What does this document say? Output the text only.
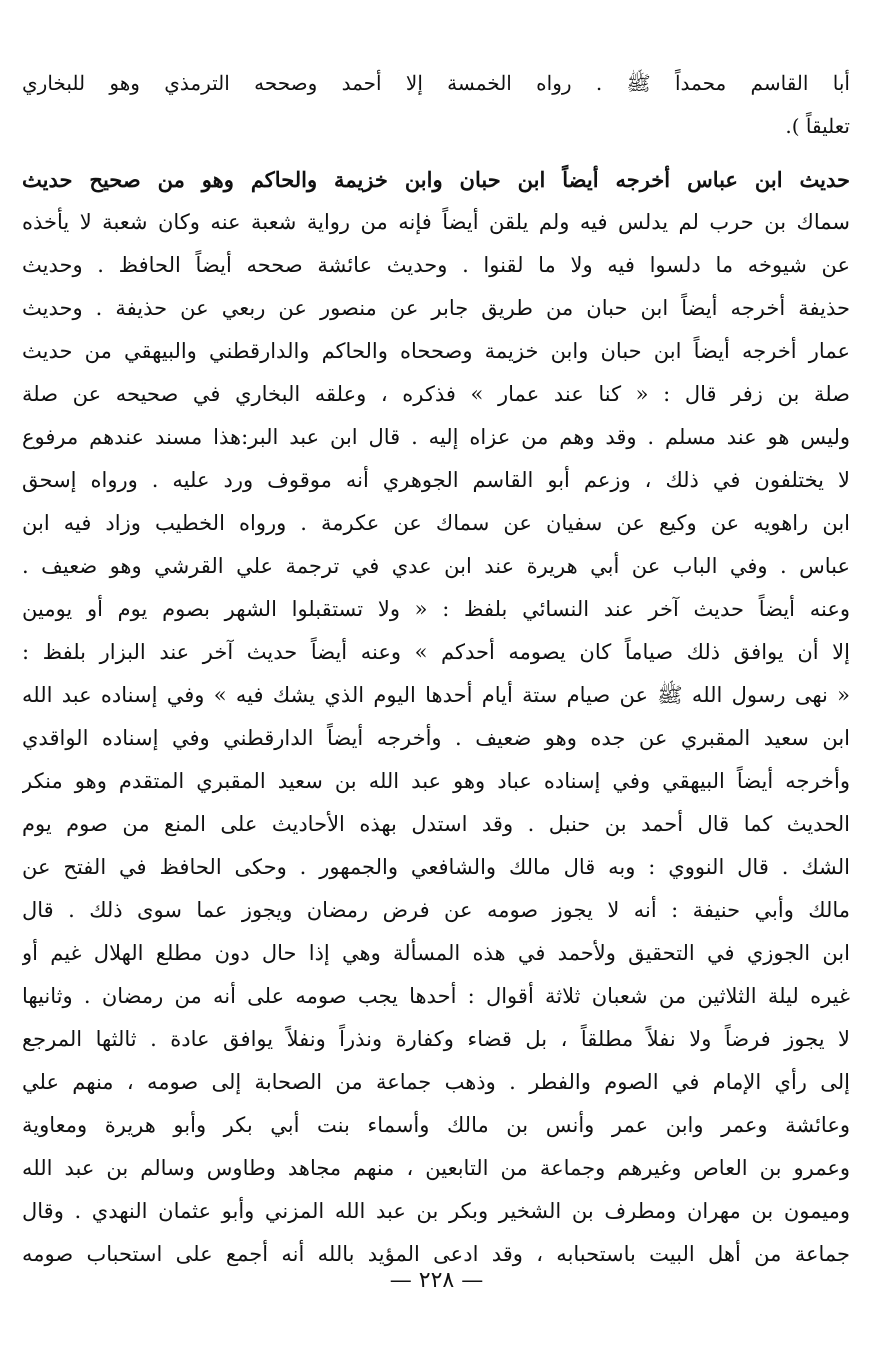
أبا القاسم محمداً ﷺ . رواه الخمسة إلا أحمد وصححه الترمذي وهو للبخاري
تعليقاً ).
حديث ابن عباس أخرجه أيضاً ابن حبان وابن خزيمة والحاكم وهو من صحيح حديث
سماك بن حرب لم يدلس فيه ولم يلقن أيضاً فإنه من رواية شعبة عنه وكان شعبة لا يأخذه
عن شيوخه ما دلسوا فيه ولا ما لقنوا . وحديث عائشة صححه أيضاً الحافظ . وحديث
حذيفة أخرجه أيضاً ابن حبان من طريق جابر عن منصور عن ربعي عن حذيفة . وحديث
عمار أخرجه أيضاً ابن حبان وابن خزيمة وصححاه والحاكم والدارقطني والبيهقي من حديث
صلة بن زفر قال : « كنا عند عمار » فذكره ، وعلقه البخاري في صحيحه عن صلة
وليس هو عند مسلم . وقد وهم من عزاه إليه . قال ابن عبد البر:هذا مسند عندهم مرفوع
لا يختلفون في ذلك ، وزعم أبو القاسم الجوهري أنه موقوف ورد عليه . ورواه إسحق
ابن راهويه عن وكيع عن سفيان عن سماك عن عكرمة . ورواه الخطيب وزاد فيه ابن
عباس . وفي الباب عن أبي هريرة عند ابن عدي في ترجمة علي القرشي وهو ضعيف .
وعنه أيضاً حديث آخر عند النسائي بلفظ : « ولا تستقبلوا الشهر بصوم يوم أو يومين
إلا أن يوافق ذلك صياماً كان يصومه أحدكم » وعنه أيضاً حديث آخر عند البزار بلفظ :
« نهى رسول الله ﷺ عن صيام ستة أيام أحدها اليوم الذي يشك فيه » وفي إسناده عبد الله
ابن سعيد المقبري عن جده وهو ضعيف . وأخرجه أيضاً الدارقطني وفي إسناده الواقدي
وأخرجه أيضاً البيهقي وفي إسناده عباد وهو عبد الله بن سعيد المقبري المتقدم وهو منكر
الحديث كما قال أحمد بن حنبل . وقد استدل بهذه الأحاديث على المنع من صوم يوم
الشك . قال النووي : وبه قال مالك والشافعي والجمهور . وحكى الحافظ في الفتح عن
مالك وأبي حنيفة : أنه لا يجوز صومه عن فرض رمضان ويجوز عما سوى ذلك . قال
ابن الجوزي في التحقيق ولأحمد في هذه المسألة وهي إذا حال دون مطلع الهلال غيم أو
غيره ليلة الثلاثين من شعبان ثلاثة أقوال : أحدها يجب صومه على أنه من رمضان . وثانيها
لا يجوز فرضاً ولا نفلاً مطلقاً ، بل قضاء وكفارة ونذراً ونفلاً يوافق عادة . ثالثها المرجع
إلى رأي الإمام في الصوم والفطر . وذهب جماعة من الصحابة إلى صومه ، منهم علي
وعائشة وعمر وابن عمر وأنس بن مالك وأسماء بنت أبي بكر وأبو هريرة ومعاوية
وعمرو بن العاص وغيرهم وجماعة من التابعين ، منهم مجاهد وطاوس وسالم بن عبد الله
وميمون بن مهران ومطرف بن الشخير وبكر بن عبد الله المزني وأبو عثمان النهدي . وقال
جماعة من أهل البيت باستحبابه ، وقد ادعى المؤيد بالله أنه أجمع على استحباب صومه
— ٢٢٨ —
